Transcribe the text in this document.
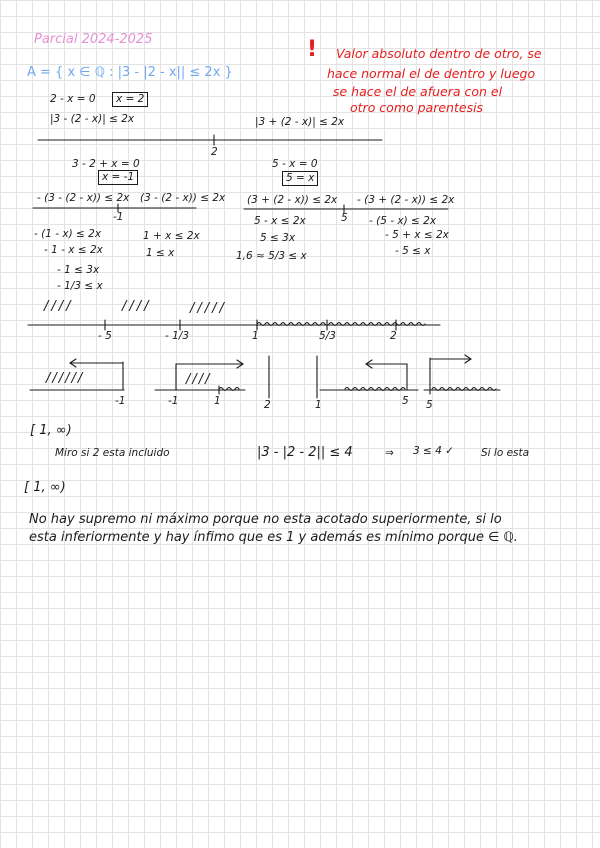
Parcial 2024-2025
A = { x ∈ ℚ : |3 - |2 - x|| ≤ 2x }
! Valor absoluto dentro de otro, se
hace normal el de dentro y luego
se hace el de afuera con el
otro como parentesis
2 - x = 0	x = 2
|3 - (2 - x)| ≤ 2x	|3 + (2 - x)| ≤ 2x
2
3 - 2 + x = 0
x = -1
- (3 - (2 - x)) ≤ 2x (3 - (2 - x)) ≤ 2x
-1
- (1 - x) ≤ 2x
- 1 - x ≤ 2x
- 1 ≤ 3x
- 1/3 ≤ x
1 + x ≤ 2x
1 ≤ x
5 - x = 0
5 = x
(3 + (2 - x)) ≤ 2x - (3 + (2 - x)) ≤ 2x
5
5 - x ≤ 2x
5 ≤ 3x
1,6 ≈ 5/3 ≤ x
- (5 - x) ≤ 2x
- 5 + x ≤ 2x
- 5 ≤ x
////	////	/////
- 5	- 1/3	1	5/3	2
//////	////
-1	-1	1	2	1	5 5
[ 1, ∞)
Miro si 2 esta incluido	|3 - |2 - 2|| ≤ 4	⇒ 3 ≤ 4 ✓	Si lo esta
[ 1, ∞)
No hay supremo ni máximo porque no esta acotado superiormente, si lo
esta inferiormente y hay ínfimo que es 1 y además es mínimo porque ∈ ℚ.
